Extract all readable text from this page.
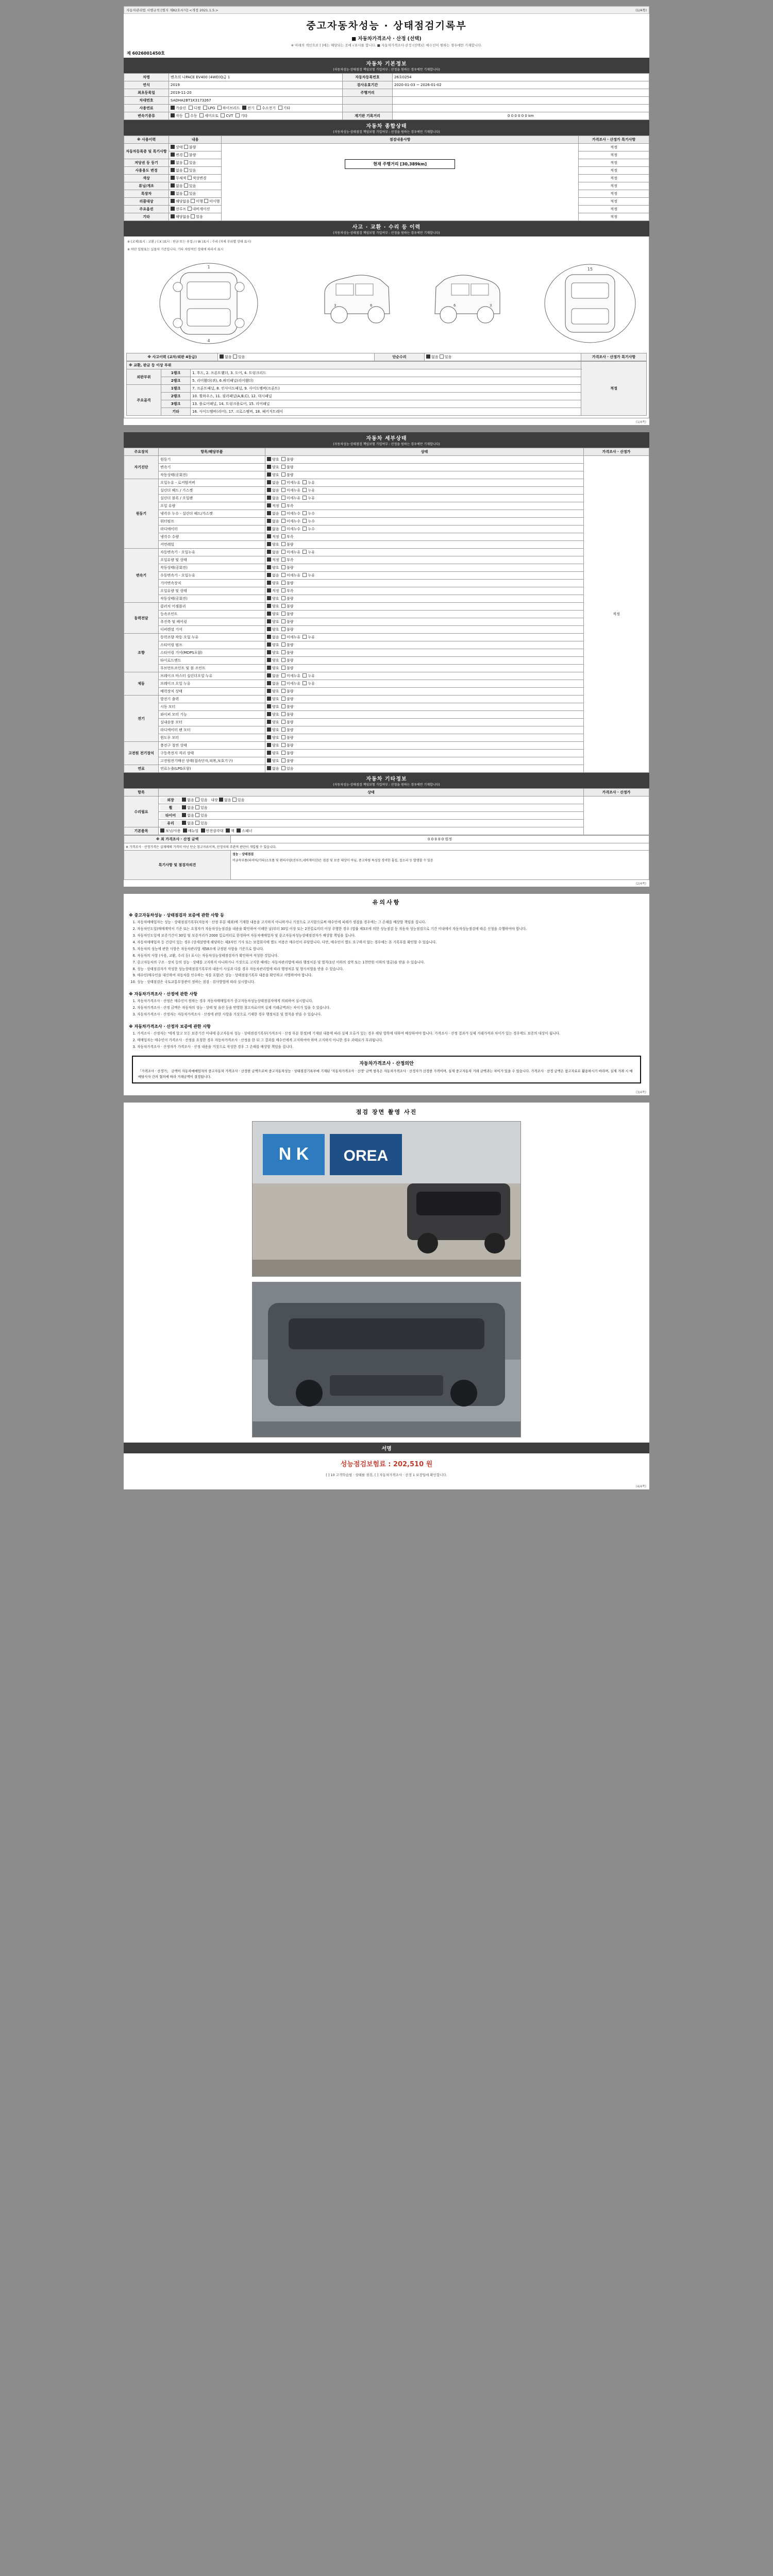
자동차관리법 시행규칙 [별지 제82호서식] <개정 2021.1.5.>	(1/4쪽)
중고자동차성능 · 상태점검기록부
■ 자동차가격조사 · 산정 (선택)
※ 아래의 색인으로 [ ]에는 해당되는 곳에 √표시를 합니다. ■ 자동차가격조사·산정 (선택)은 매수인이 원하는 경우에만 기재합니다.
제 6026001450호
자동차 기본정보
(자동차성능·상태점검 책임보험 가입여부 : 산정을 원하는 경우에만 기재합니다)
차명	벤츠의 나PACE EV400 (4WD)Q급 1	자동차등록번호	26호0254
연식	2019	검사유효기간	2020-01-03 ~ 2026-01-02
최초등록일	2019-11-20	주행거리	
차대번호	SADHA2BT1K3173267		
사용연료	가솔린 디젤 LPG 하이브리드 전기 수소전기 기타		
변속기종류	자동 수동 세미오토 CVT 기타	계기판 기록거리	0 0 0 0 0 0 km
자동차 종합상태
(자동차성능·상태점검 책임보험 가입여부 : 산정을 원하는 경우에만 기재합니다)
※ 사용이력	내용	점검내용사항	가격조사 · 산정가 특기사항
자동차등록증 및 특기사항	상태 불량	현재 주행거리 [30,389km]	적정
	변경 불량		적정
저당권 등 등기	없음 있음		적정
사용용도 변경	없음 있음		적정
색상	무채색 색상변경		적정
튜닝/개조	없음 있음		적정
특장차	없음 있음		적정
리콜대상	해당없음 이행 미이행		적정
주요옵션	선루프 내비게이션		적정
기타	해당없음 있음		적정
사고 · 교환 · 수리 등 이력
(자동차성능·상태점검 책임보험 가입여부 : 산정을 원하는 경우에만 기재합니다)
※ (교체)표시 : 교환 / ( X )표시 : 판금 또는 용접 / ( W )표시 : 수리 (차체 부위별 상태 표시)
※ 하단 일람표는 실물차 기준입니다. 기타 차량적인 상태에 따라서 표시
1
4
3	6	3
6
15
※ 사고이력 (교차/외판 4등급)	없음 있음	단순수리	없음 있음	가격조사 · 산정가 특기사항
※ 교환, 판금 등 이상 부위			적정
외판부위	1랭크	1. 후드, 2. 프론트휀더, 3. 도어, 4. 트렁크리드	
	2랭크	5. 리어휀더(퀴), 6.쿼터패널(리어휀더)	
주요골격	1랭크	7. 프론트패널, 8. 인사이드패널, 9. 사이드멤버(프론트)	
	2랭크	10. 휠하우스, 11. 필러패널(A,B,C), 12. 대시패널	
	3랭크	13. 플로어패널, 14. 트렁크플로어, 15. 리어패널	
	기타	16. 사이드멤버(리어), 17. 크로스멤버, 18. 패키지트레이	
(1/4쪽)
자동차 세부상태
(자동차성능·상태점검 책임보험 가입여부 : 산정을 원하는 경우에만 기재합니다)
주요장치	항목/해당부품	상태	가격조사 · 산정가
자기진단	원동기	양호  불량	적정
	변속기	양호  불량	
	작동상태(공회전)	양호  불량	
원동기	오일누유 - 로커암커버	없음  미세누유  누유	
	실린더 헤드 / 가스켓	없음  미세누유  누유	
	실린더 블록 / 오일팬	없음  미세누유  누유	
	오일 유량	적정  부족	
	냉각수 누수 - 실린더 헤드/가스켓	없음  미세누수  누수	
	워터펌프	없음  미세누수  누수	
	라디에이터	없음  미세누수  누수	
	냉각수 수량	적정  부족	
	커먼레일	양호  불량	
변속기	자동변속기 - 오일누유	없음  미세누유  누유	
	오일유량 및 상태	적정  부족	
	작동상태(공회전)	양호  불량	
	수동변속기 - 오일누유	없음  미세누유  누유	
	기어변속장치	양호  불량	
	오일유량 및 상태	적정  부족	
	작동상태(공회전)	양호  불량	
동력전달	클러치 어셈블리	양호  불량	
	등속조인트	양호  불량	
	추진축 및 베어링	양호  불량	
	디퍼렌셜 기어	양호  불량	
조향	동력조향 작동 오일 누유	없음  미세누유  누유	
	스티어링 펌프	양호  불량	
	스티어링 기어(MDPS포함)	양호  불량	
	타이로드엔드	양호  불량	
	무브먼트조인트 및 볼 조인트	양호  불량	
제동	브레이크 마스터 실린더오일 누유	없음  미세누유  누유	
	브레이크 오일 누유	없음  미세누유  누유	
	배력장치 상태	양호  불량	
전기	발전기 출력	양호  불량	
	시동 모터	양호  불량	
	와이퍼 모터 기능	양호  불량	
	실내송풍 모터	양호  불량	
	라디에이터 팬 모터	양호  불량	
	윈도우 모터	양호  불량	
고전원 전기장치	충전구 절연 상태	양호  불량	
	구동축전지 격리 상태	양호  불량	
	고전원전기배선 상태(접속단자,피복,보호기구)	양호  불량	
연료	연료누출(LPG포함)	없음  있음	
자동차 기타정보
(자동차성능·상태점검 책임보험 가입여부 : 산정을 원하는 경우에만 기재합니다)
항목	상태	가격조사 · 산정가
수리필요	외장 없음 있음   내장 없음 있음	
	휠 없음 있음	
	타이어 없음 있음	
	유리 없음 있음	
기본품목	보닛/사용 매뉴얼 안전삼각대 잭 스패너	
※ 최 가격조사 · 산정 금액	0 0 0 0 0 원정
※ 가격조사 · 산정가격은 실제매매 가격이 아닌 단순 참고자료이며, 산정자의 주관적 판단이 개입될 수 있습니다.	
특기사항 및 점검자의견	성능 · 상태점검
비금속부품(타이어/기타)소모품 및 편의사양(선루프,네비게이션)은 점검 및 보증 대상이 아님, 중고차량 특성상 경미한 흠집, 잡소리 등 발생할 수 있음
(2/4쪽)
유의사항
※ 중고자동차성능 · 상태점검자 보증에 관한 사항 등
1. 자동차매매업자는 성능 · 상태점검기록부(자동차 · 산정 부분 제외)에 기재한 내용을 고지하지 아니하거나 거짓으로 고지함으로써 매수인에 피해가 생겼을 경우에는 그 손해를 배상할 책임을 집니다.
2. 자동차인도일(매매계약서 기준 또는 요청자가 자동차성능점검을 내용을 확인하여 이해한 날)부터 30일 이상 또는 2천킬로미터 이상 주행한 경우 (법률 제3조에 의한 성능점검 등 자동차 성능점검으로 기간 이내에서 자동차성능점검에 따른 신청을 수행하여야 합니다.
3. 자동차인도일에 보증기간이 30일 및 보증거리가 2000 킬로미터로 한정하여 자동차매매업자 및 중고자동차성능상태점검자가 배상할 책임을 집니다.
4. 자동차매매업자 등 건강이 있는 경우 (상세설명에 해당하는 제3자인 기사 또는 보험회사에 별도 비용은 매수인이 부담합니다. 다만, 매수인이 별도 요구하지 않는 경우에는 본 기록부를 확인할 수 있습니다.
5. 자동차의 성능에 관한 사항은 자동차관리법 제58조에 규정된 사항을 기준으로 합니다.
6. 자동차의 사항 (사용, 교환, 수리 등) 표시는 자동차성능상태점검자가 확인하여 작성한 것입니다.
7. 중고자동차의 구조 · 장치 등의 성능 · 상태를 고지하지 아니하거나 거짓으로 고지한 때에는 자동차관리법에 따라 행정처분 및 벌칙(1년 이하의 징역 또는 1천만원 이하의 벌금)을 받을 수 있습니다.
8. 성능 · 상태점검자가 작성한 성능상태점검기록부의 내용이 사실과 다를 경우 자동차관리법에 따라 행정처분 및 형사처벌을 받을 수 있습니다.
9. 매수인(매수인을 대신하여 자동차를 인수하는 자를 포함)은 성능 · 상태점검기록부 내용을 확인하고 서명하여야 합니다.
10. 성능 · 상태점검은 국토교통부장관이 정하는 점검 · 검사방법에 따라 실시합니다.
※ 자동차가격조사 · 산정에 관한 사항
1. 자동차가격조사 · 산정은 매수인이 원하는 경우 자동차매매업자가 중고자동차성능상태점검자에게 의뢰하여 실시합니다.
2. 자동차가격조사 · 산정 금액은 자동차의 성능 · 상태 및 옵션 등을 반영한 참고자료이며 실제 거래금액과는 차이가 있을 수 있습니다.
3. 자동차가격조사 · 산정자는 자동차가격조사 · 산정에 관한 사항을 거짓으로 기재한 경우 행정처분 및 벌칙을 받을 수 있습니다.
※ 자동차가격조사 · 산정자 보증에 관한 사항
1. 가격조사 · 산정자는 '에게 알고 모든 보증기간 이내에 중고자동차 성능 · 상태점검기록부(가격조사 · 산정 부분 한정)에 기재된 내용에 따라 실제 오류가 있는 경우 해당 항목에 대하여 배상하여야 합니다. 가격조사 · 산정 결과가 실제 거래가격과 차이가 있는 경우에도 보증의 대상이 됩니다.
2. 매매업자는 매수인이 가격조사 · 산정을 요청한 경우 자동차가격조사 · 산정을 한 뒤 그 결과를 매수인에게 고지하여야 하며 고지하지 아니한 경우 과태료가 부과됩니다.
3. 자동차가격조사 · 산정자가 가격조사 · 산정 내용을 거짓으로 작성한 경우 그 손해를 배상할 책임을 집니다.
자동차가격조사 · 산정의안
「가격조사 · 산정가」 금액이 자동차매매업자의 중고자동차 가격조사 · 산정한 금액으로써 중고자동차성능 · 상태점검기록부에 기재된 '자동차가격조사 · 산정' 금액 항목은 자동차가격조사 · 산정자가 산정한 가격이며, 실제 중고자동차 거래 금액과는 차이가 있을 수 있습니다. 가격조사 · 산정 금액은 참고자료로 활용하시기 바라며, 실제 거래 시 매매당사자 간의 협의에 따라 거래금액이 결정됩니다.
(3/4쪽)
점검 장면 촬영 사진
N K OREA
서명
성능점검보험료 : 202,510 원
[ ] 10 고객학습법 · 상태를 점검, [ ] 자동차가격조사 · 산정 1 보장입에 확인합니다.
(4/4쪽)
